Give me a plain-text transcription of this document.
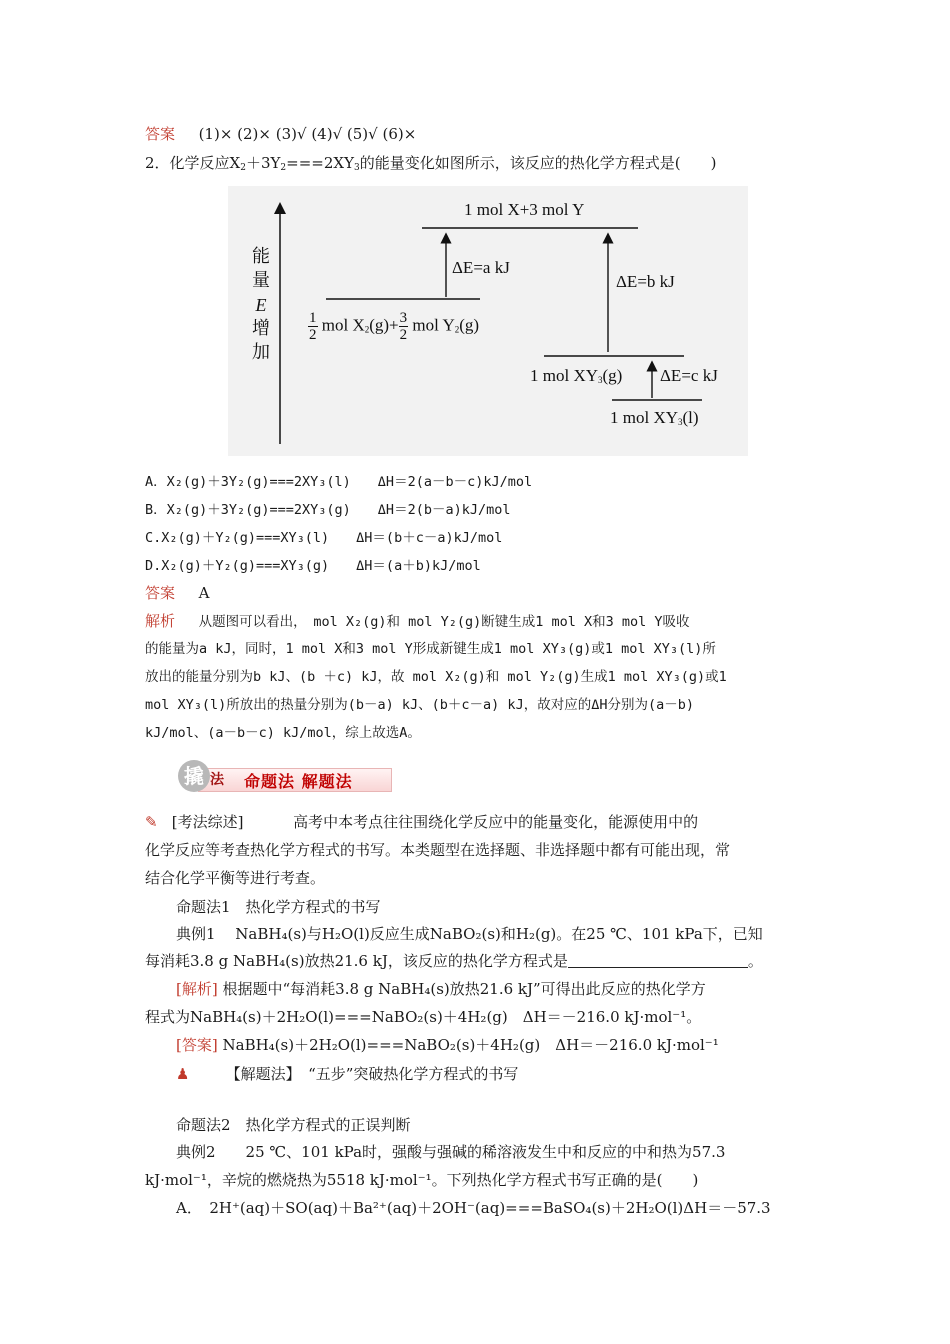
答案 (1)× (2)× (3)√ (4)√ (5)√ (6)×
2．化学反应$X_2+3Y_2===2XY_3$的能量变化如图所示，该反应的热化学方程式是(　　)
能
量
E
增
加
1 mol X+3 mol Y
ΔE=a kJ
ΔE=b kJ
ΔE=c kJ
$\frac{1}{2}$ mol $X_2(g)+ \frac{3}{2}$ mol $Y_2(g)$
1 mol $XY_3(g)$
1 mol $XY_3(l)$
A．X₂(g)＋3Y₂(g)===2XY₃(l)　　ΔH＝2(a－b－c)kJ/mol
B．X₂(g)＋3Y₂(g)===2XY₃(g)　　ΔH＝2(b－a)kJ/mol
C.X₂(g)＋Y₂(g)===XY₃(l)　　ΔH＝(b＋c－a)kJ/mol
D.X₂(g)＋Y₂(g)===XY₃(g)　　ΔH＝(a＋b)kJ/mol
答案 A
解析 从题图可以看出，　mol X₂(g)和 mol Y₂(g)断键生成1 mol X和3 mol Y吸收
的能量为a kJ，同时，1 mol X和3 mol Y形成新键生成1 mol XY₃(g)或1 mol XY₃(l)所
放出的能量分别为b kJ、(b ＋c) kJ，故 mol X₂(g)和 mol Y₂(g)生成1 mol XY₃(g)或1
mol XY₃(l)所放出的热量分别为(b－a) kJ、(b＋c－a) kJ，故对应的ΔH分别为(a－b)
kJ/mol、(a－b－c) kJ/mol，综上故选A。
撬 法 命题法 解题法
✎ [考法综述]	高考中本考点往往围绕化学反应中的能量变化，能源使用中的
化学反应等考查热化学方程式的书写。本类题型在选择题、非选择题中都有可能出现，常
结合化学平衡等进行考查。
命题法1　热化学方程式的书写
典例1　 NaBH₄(s)与H₂O(l)反应生成NaBO₂(s)和H₂(g)。在25 ℃、101 kPa下，已知
每消耗3.8 g NaBH₄(s)放热21.6 kJ，该反应的热化学方程式是	。
[解析] 根据题中“每消耗3.8 g NaBH₄(s)放热21.6 kJ”可得出此反应的热化学方
程式为NaBH₄(s)＋2H₂O(l)===NaBO₂(s)＋4H₂(g)　ΔH＝－216.0 kJ·mol⁻¹。
[答案] NaBH₄(s)＋2H₂O(l)===NaBO₂(s)＋4H₂(g)　ΔH＝－216.0 kJ·mol⁻¹
♟ 【解题法】　“五步”突破热化学方程式的书写
命题法2　热化学方程式的正误判断
典例2　　25 ℃、101 kPa时，强酸与强碱的稀溶液发生中和反应的中和热为57.3
kJ·mol⁻¹，辛烷的燃烧热为5518 kJ·mol⁻¹。下列热化学方程式书写正确的是(　　)
A．　2H⁺(aq)＋SO(aq)＋Ba²⁺(aq)＋2OH⁻(aq)===BaSO₄(s)＋2H₂O(l)ΔH＝－57.3
